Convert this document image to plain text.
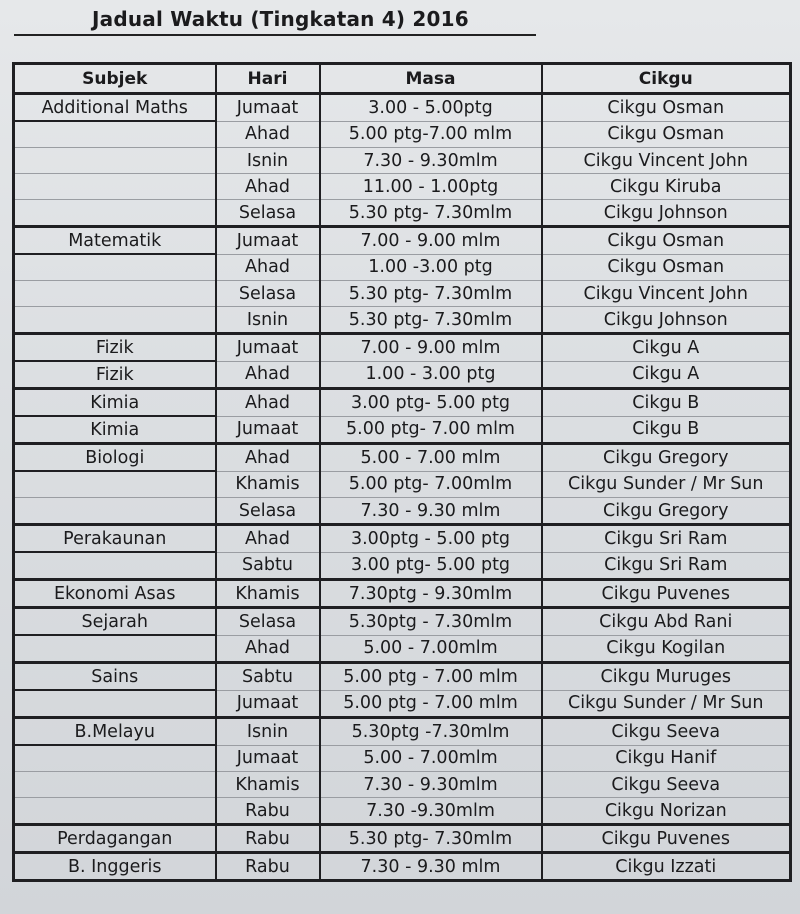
Jadual Waktu (Tingkatan 4) 2016
Subjek	Hari	Masa	Cikgu
Additional Maths	Jumaat	3.00 - 5.00ptg	Cikgu Osman
	Ahad	5.00 ptg-7.00 mlm	Cikgu Osman
	Isnin	7.30 - 9.30mlm	Cikgu Vincent John
	Ahad	11.00 - 1.00ptg	Cikgu Kiruba
	Selasa	5.30 ptg- 7.30mlm	Cikgu Johnson
Matematik	Jumaat	7.00 - 9.00 mlm	Cikgu Osman
	Ahad	1.00 -3.00 ptg	Cikgu Osman
	Selasa	5.30 ptg- 7.30mlm	Cikgu Vincent John
	Isnin	5.30 ptg- 7.30mlm	Cikgu Johnson
Fizik	Jumaat	7.00 - 9.00 mlm	Cikgu A
Fizik	Ahad	1.00 - 3.00 ptg	Cikgu A
Kimia	Ahad	3.00 ptg- 5.00 ptg	Cikgu B
Kimia	Jumaat	5.00 ptg- 7.00 mlm	Cikgu B
Biologi	Ahad	5.00 - 7.00 mlm	Cikgu Gregory
	Khamis	5.00 ptg- 7.00mlm	Cikgu Sunder / Mr Sun
	Selasa	7.30 - 9.30 mlm	Cikgu Gregory
Perakaunan	Ahad	3.00ptg - 5.00 ptg	Cikgu Sri Ram
	Sabtu	3.00 ptg- 5.00 ptg	Cikgu Sri Ram
Ekonomi Asas	Khamis	7.30ptg - 9.30mlm	Cikgu Puvenes
Sejarah	Selasa	5.30ptg - 7.30mlm	Cikgu Abd Rani
	Ahad	5.00 - 7.00mlm	Cikgu Kogilan
Sains	Sabtu	5.00 ptg - 7.00 mlm	Cikgu Muruges
	Jumaat	5.00 ptg - 7.00 mlm	Cikgu Sunder / Mr Sun
B.Melayu	Isnin	5.30ptg -7.30mlm	Cikgu Seeva
	Jumaat	5.00 - 7.00mlm	Cikgu Hanif
	Khamis	7.30 - 9.30mlm	Cikgu Seeva
	Rabu	7.30 -9.30mlm	Cikgu Norizan
Perdagangan	Rabu	5.30 ptg- 7.30mlm	Cikgu Puvenes
B. Inggeris	Rabu	7.30 - 9.30 mlm	Cikgu Izzati
